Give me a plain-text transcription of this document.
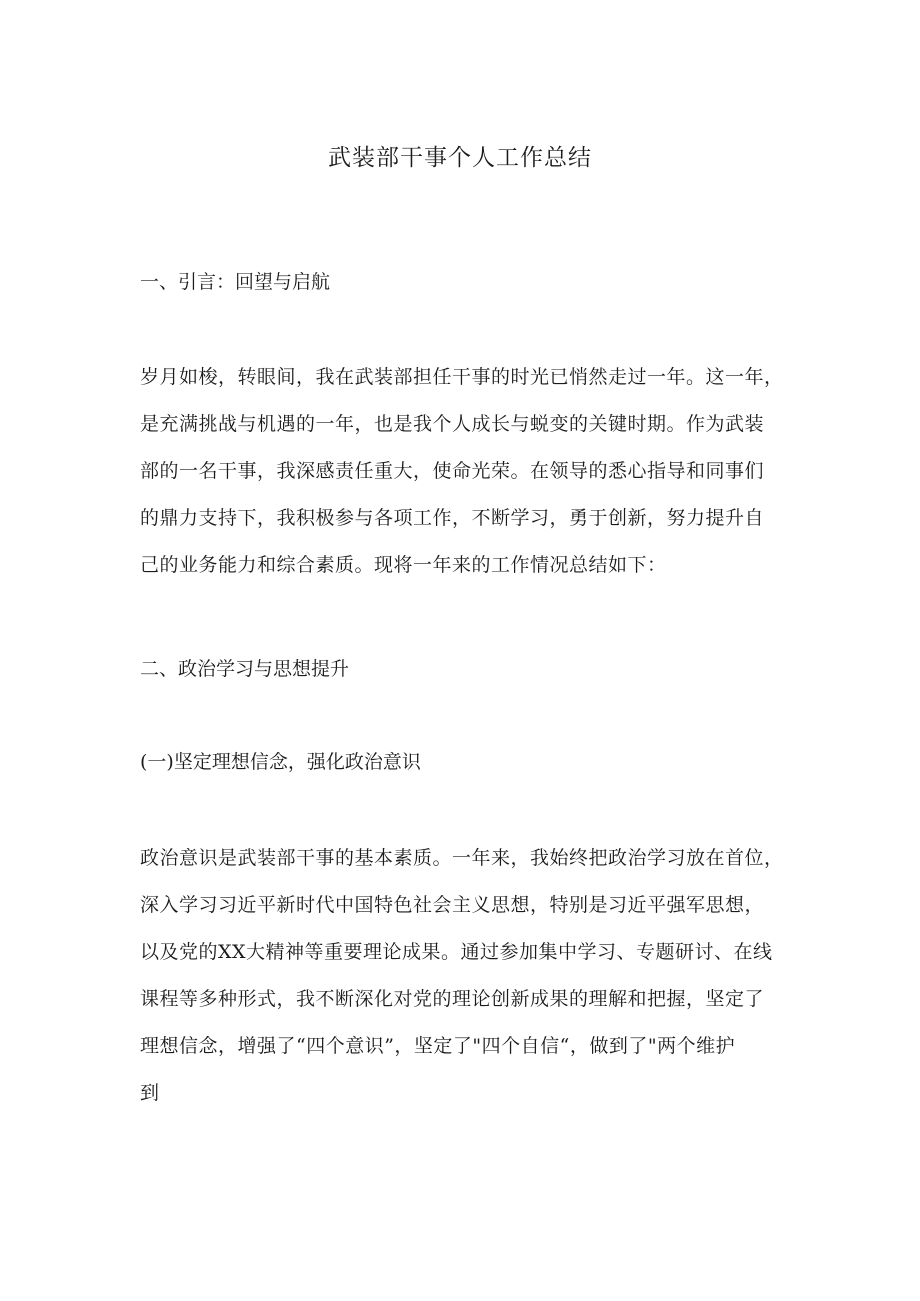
武装部干事个人工作总结
一、引言：回望与启航

岁月如梭，转眼间，我在武装部担任干事的时光已悄然走过一年。这一年，
是充满挑战与机遇的一年，也是我个人成长与蜕变的关键时期。作为武装
部的一名干事，我深感责任重大，使命光荣。在领导的悉心指导和同事们
的鼎力支持下，我积极参与各项工作，不断学习，勇于创新，努力提升自
己的业务能力和综合素质。现将一年来的工作情况总结如下：

二、政治学习与思想提升
(一)坚定理想信念，强化政治意识

政治意识是武装部干事的基本素质。一年来，我始终把政治学习放在首位，
深入学习习近平新时代中国特色社会主义思想，特别是习近平强军思想，
以及党的XX大精神等重要理论成果。通过参加集中学习、专题研讨、在线
课程等多种形式，我不断深化对党的理论创新成果的理解和把握，坚定了
理想信念，增强了“四个意识”，坚定了"四个自信“，做到了"两个维护
到
